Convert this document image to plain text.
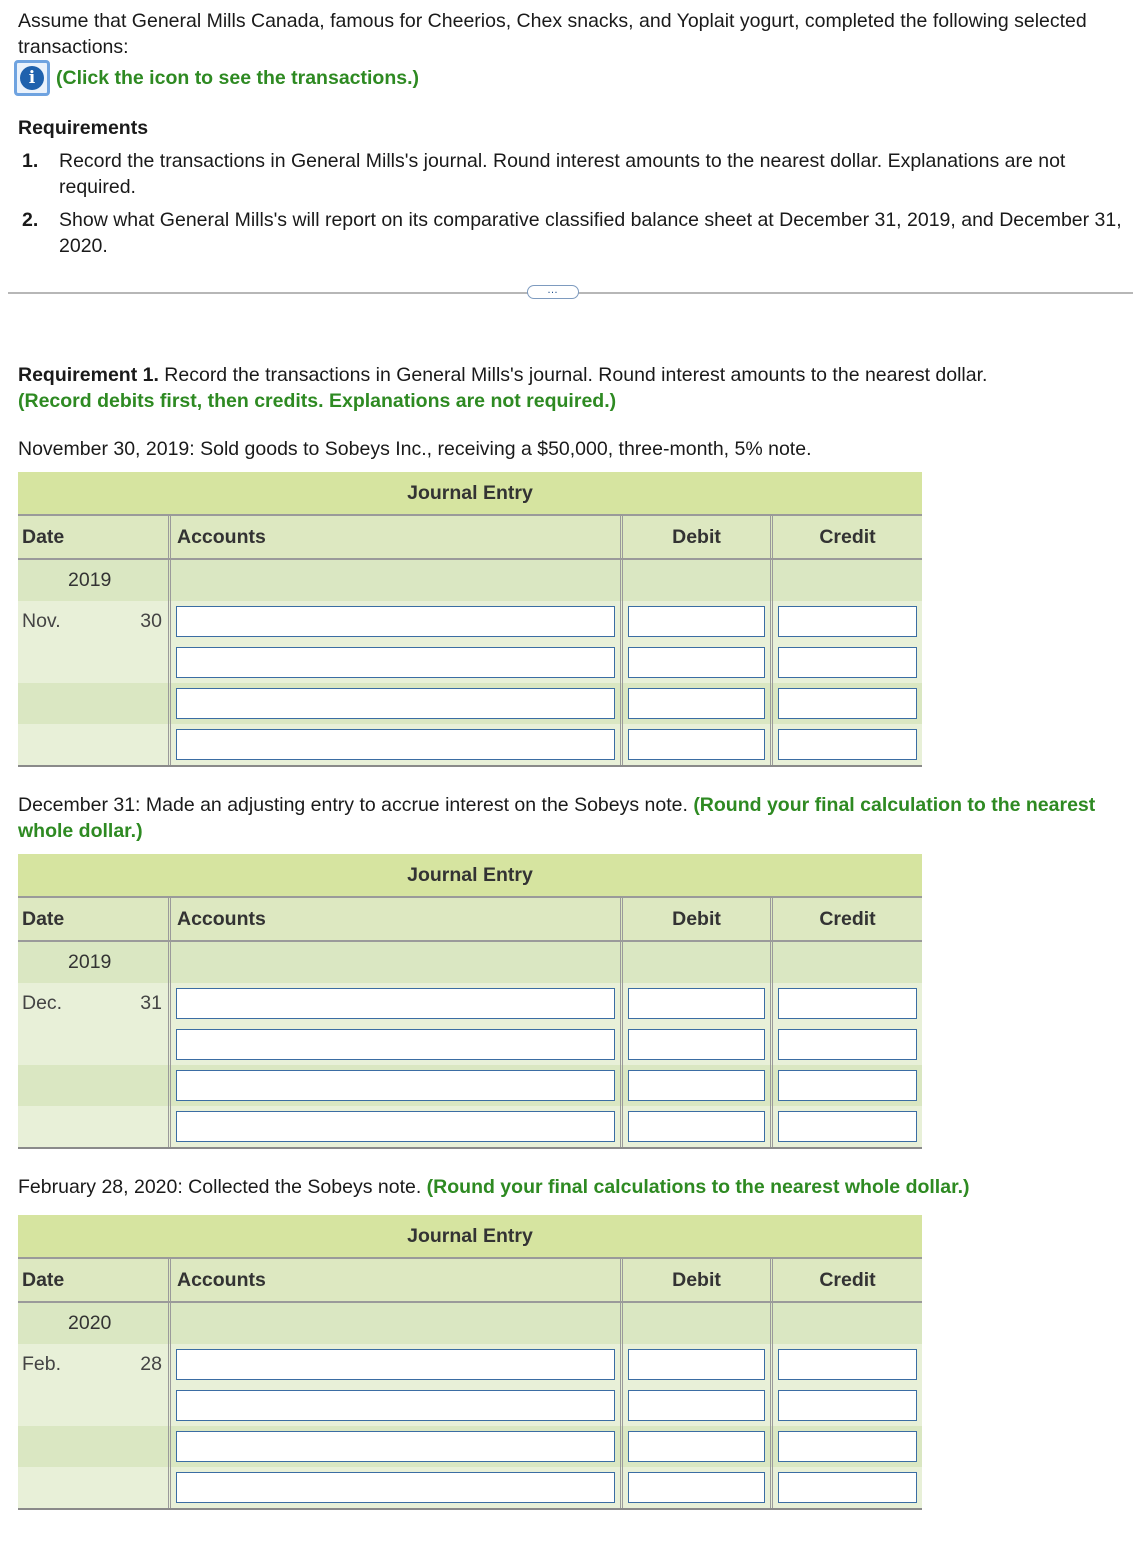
Assume that General Mills Canada, famous for Cheerios, Chex snacks, and Yoplait yogurt, completed the following selected transactions:
i	(Click the icon to see the transactions.)
Requirements
1.	Record the transactions in General Mills's journal. Round interest amounts to the nearest dollar. Explanations are not required.
2.	Show what General Mills's will report on its comparative classified balance sheet at December 31, 2019, and December 31, 2020.
…
Requirement 1. Record the transactions in General Mills's journal. Round interest amounts to the nearest dollar.
(Record debits first, then credits. Explanations are not required.)
November 30, 2019: Sold goods to Sobeys Inc., receiving a $50,000, three-month, 5% note.
Journal Entry
Date	Accounts	Debit	Credit
2019
Nov.	30
December 31: Made an adjusting entry to accrue interest on the Sobeys note. (Round your final calculation to the nearest whole dollar.)
Journal Entry
Date	Accounts	Debit	Credit
2019
Dec.	31
February 28, 2020: Collected the Sobeys note. (Round your final calculations to the nearest whole dollar.)
Journal Entry
Date	Accounts	Debit	Credit
2020
Feb.	28
